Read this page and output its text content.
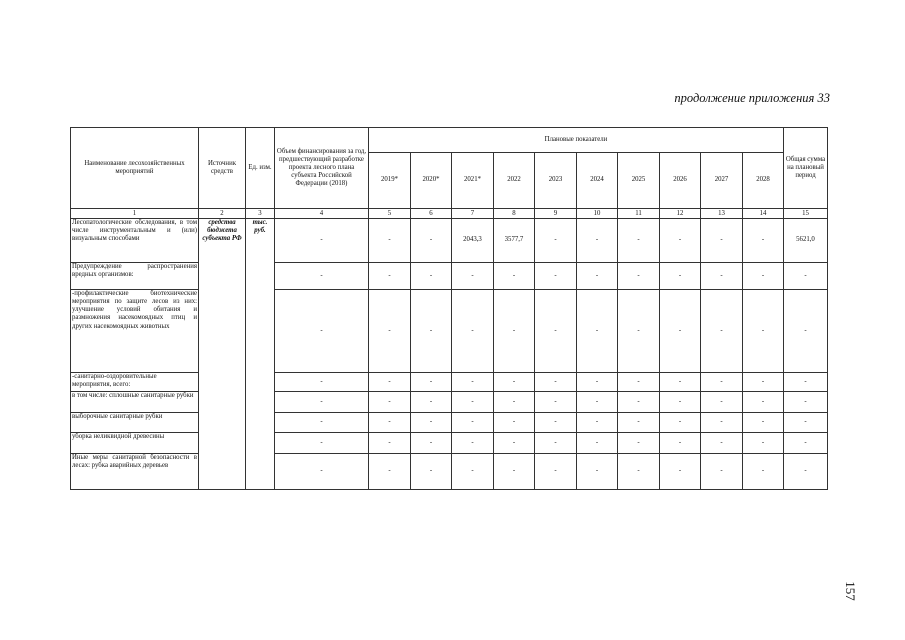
продолжение приложения 33
Наименование лесохозяйственных мероприятий	Источник средств	Ед. изм.	Объем финансирования за год, предшествующий разработке проекта лесного плана субъекта Российской Федерации (2018)	Плановые показатели										Общая сумма на плановый период
				2019*	2020*	2021*	2022	2023	2024	2025	2026	2027	2028	
1	2	3	4	5	6	7	8	9	10	11	12	13	14	15
Лесопатологические обследования, в том числе инструментальным и (или) визуальным способами	средства бюджета субъекта РФ	тыс. руб.	-	-	-	2043,3	3577,7	-	-	-	-	-	-	5621,0
Предупреждение распространения вредных организмов:			-	-	-	-	-	-	-	-	-	-	-	-
-профилактические биотехнические мероприятия по защите лесов из них: улучшение условий обитания и размножения насекомоядных птиц и других насекомоядных животных			-	-	-	-	-	-	-	-	-	-	-	-
-санитарно-оздоровительные мероприятия, всего:			-	-	-	-	-	-	-	-	-	-	-	-
в том числе: сплошные санитарные рубки			-	-	-	-	-	-	-	-	-	-	-	-
выборочные санитарные рубки			-	-	-	-	-	-	-	-	-	-	-	-
уборка неликвидной древесины			-	-	-	-	-	-	-	-	-	-	-	-
Иные меры санитарной безопасности в лесах: рубка аварийных деревьев			-	-	-	-	-	-	-	-	-	-	-	-
157
